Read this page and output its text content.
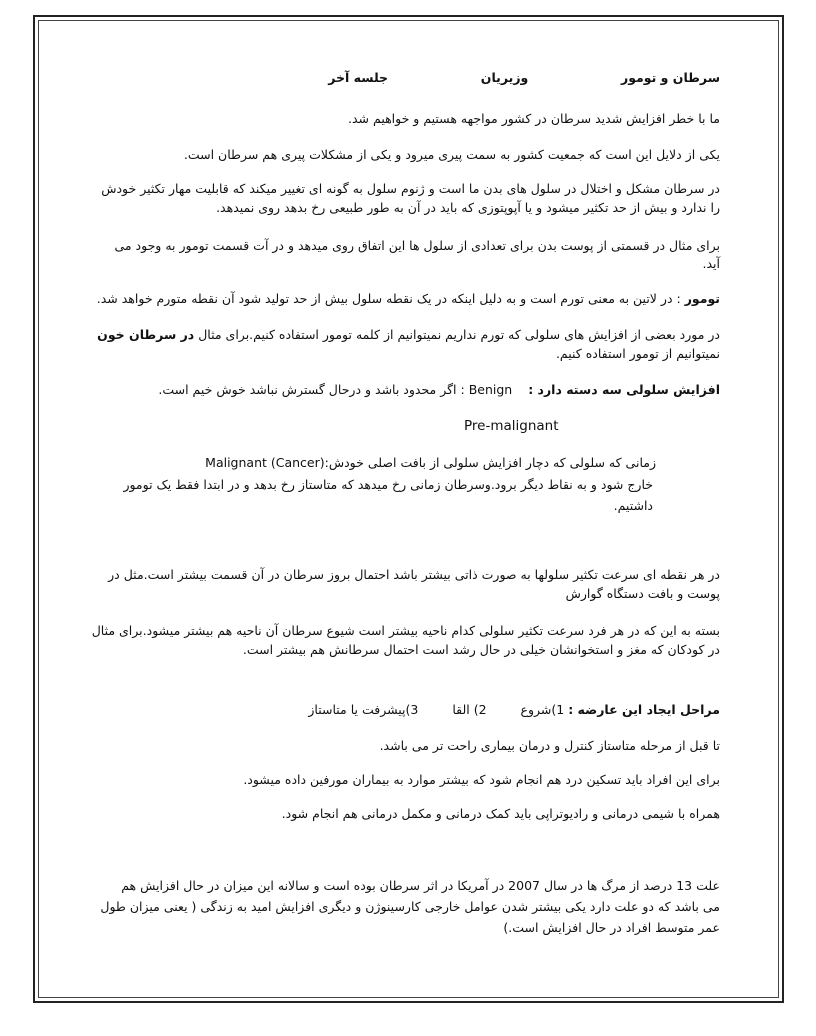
سرطان و تومور  وزیریان  جلسه آخر
ما با خطر افزایش شدید سرطان در کشور مواجهه هستیم و خواهیم شد.
یکی از دلایل این است که جمعیت کشور به سمت پیری میرود و یکی از مشکلات پیری هم سرطان است.
در سرطان مشکل و اختلال در سلول های بدن ما است و ژنوم سلول به گونه ای تغییر میکند که قابلیت مهار تکثیر خودش
را ندارد و بیش از حد تکثیر میشود و یا آپوپتوزی که باید در آن به طور طبیعی رخ بدهد روی نمیدهد.
برای مثال در قسمتی از پوست بدن برای تعدادی از سلول ها این اتفاق روی میدهد و در آت قسمت تومور به وجود می
آید.
تومور : در لاتین به معنی تورم است و به دلیل اینکه در یک نقطه سلول بیش از حد تولید شود آن نقطه متورم خواهد شد.
در مورد بعضی از افزایش های سلولی که تورم نداریم نمیتوانیم از کلمه تومور استفاده کنیم.برای مثال در سرطان خون
نمیتوانیم از تومور استفاده کنیم.
افزایش سلولی سه دسته دارد :  Benign : اگر محدود باشد و درحال گسترش نباشد خوش خیم است.
Pre-malignant
Malignant (Cancer):زمانی که سلولی که دچار افزایش سلولی از بافت اصلی خودش
خارج شود و به نقاط دیگر برود.وسرطان زمانی رخ میدهد که متاستاز رخ بدهد و در ابتدا فقط یک تومور
داشتیم.
در هر نقطه ای سرعت تکثیر سلولها به صورت ذاتی بیشتر باشد احتمال بروز سرطان در آن قسمت بیشتر است.مثل در
پوست و بافت دستگاه گوارش
بسته به این که در هر فرد سرعت تکثیر سلولی کدام ناحیه بیشتر است شیوع سرطان آن ناحیه هم بیشتر میشود.برای مثال
در کودکان که مغز و استخوانشان خیلی در حال رشد است احتمال سرطانش هم بیشتر است.
مراحل ایجاد این عارضه : 1)شروع  2) القا  3)پیشرفت یا متاستاز
تا قبل از مرحله متاستاز کنترل و درمان بیماری راحت تر می باشد.
برای این افراد باید تسکین درد هم انجام شود که بیشتر موارد به بیماران مورفین داده میشود.
همراه با شیمی درمانی و رادیوتراپی باید کمک درمانی و مکمل درمانی هم انجام شود.
علت 13 درصد از مرگ ها در سال 2007 در آمریکا در اثر سرطان بوده است و سالانه این میزان در حال افزایش هم
می باشد که دو علت دارد یکی بیشتر شدن عوامل خارجی کارسینوژن و دیگری افزایش امید به زندگی ( یعنی میزان طول
عمر متوسط افراد در حال افزایش است.)
